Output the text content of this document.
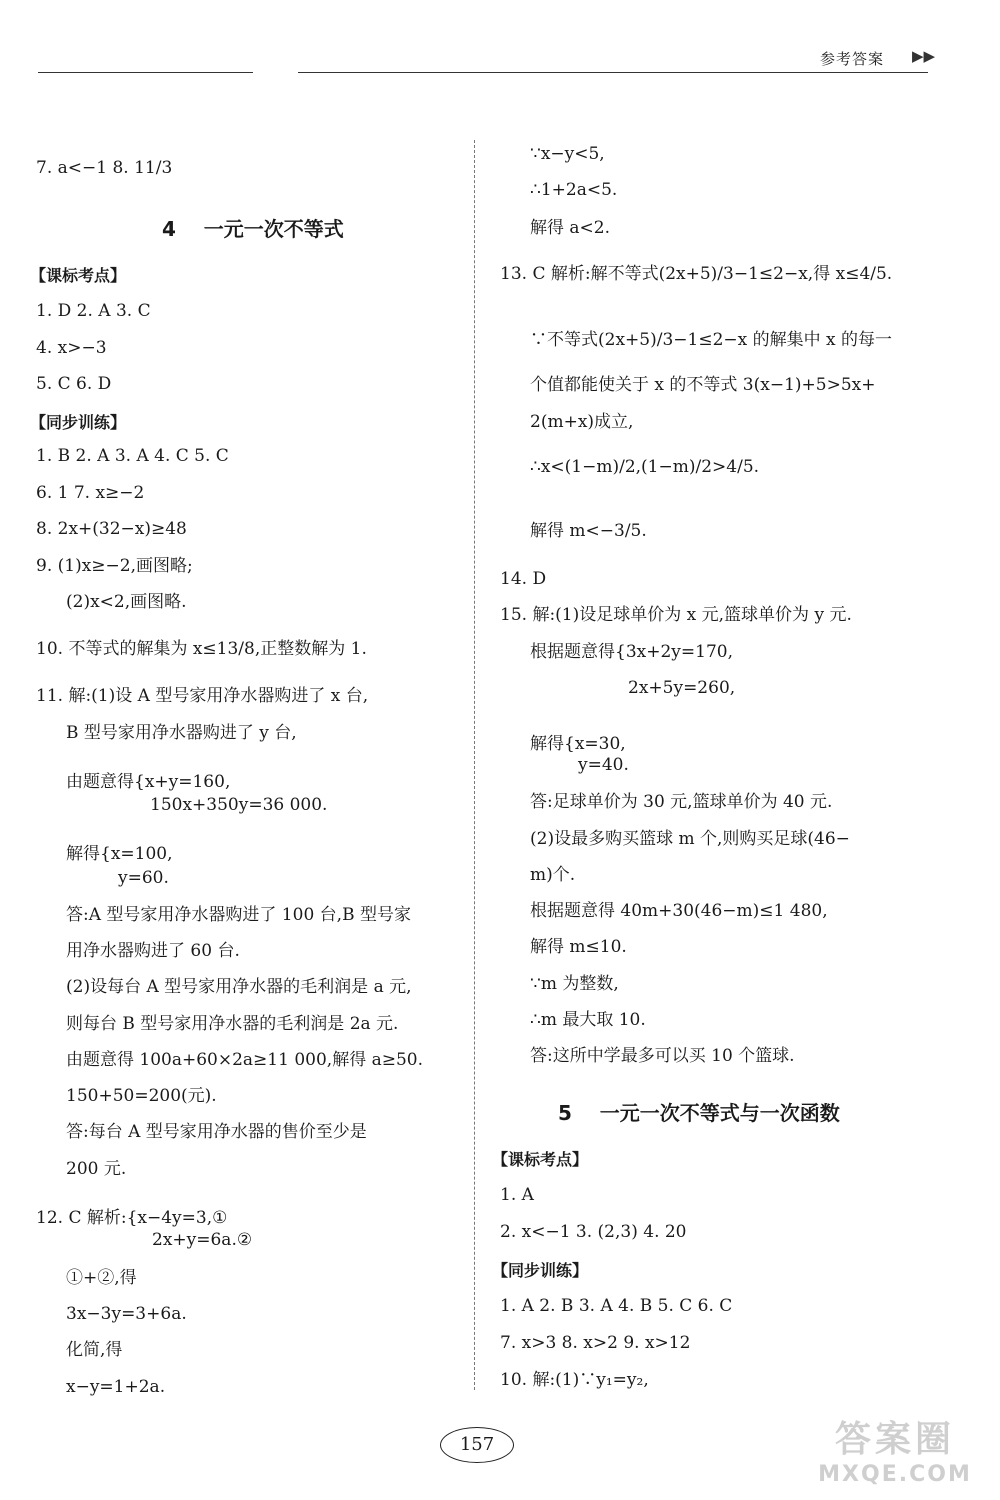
参考答案 ▶▶
7. a<−1 8. 11/3
4 一元一次不等式
【课标考点】
1. D 2. A 3. C
4. x>−3
5. C 6. D
【同步训练】
1. B 2. A 3. A 4. C 5. C
6. 1 7. x≥−2
8. 2x+(32−x)≥48
9. (1)x≥−2,画图略;
(2)x<2,画图略.
10. 不等式的解集为 x≤13/8,正整数解为 1.
11. 解:(1)设 A 型号家用净水器购进了 x 台,
B 型号家用净水器购进了 y 台,
由题意得{x+y=160,
150x+350y=36 000.
解得{x=100,
y=60.
答:A 型号家用净水器购进了 100 台,B 型号家
用净水器购进了 60 台.
(2)设每台 A 型号家用净水器的毛利润是 a 元,
则每台 B 型号家用净水器的毛利润是 2a 元.
由题意得 100a+60×2a≥11 000,解得 a≥50.
150+50=200(元).
答:每台 A 型号家用净水器的售价至少是
200 元.
12. C 解析:{x−4y=3,①
2x+y=6a.②
①+②,得
3x−3y=3+6a.
化简,得
x−y=1+2a.
∵x−y<5,
∴1+2a<5.
解得 a<2.
13. C 解析:解不等式(2x+5)/3−1≤2−x,得 x≤4/5.
∵不等式(2x+5)/3−1≤2−x 的解集中 x 的每一
个值都能使关于 x 的不等式 3(x−1)+5>5x+
2(m+x)成立,
∴x<(1−m)/2,(1−m)/2>4/5.
解得 m<−3/5.
14. D
15. 解:(1)设足球单价为 x 元,篮球单价为 y 元.
根据题意得{3x+2y=170,
2x+5y=260,
解得{x=30,
y=40.
答:足球单价为 30 元,篮球单价为 40 元.
(2)设最多购买篮球 m 个,则购买足球(46−
m)个.
根据题意得 40m+30(46−m)≤1 480,
解得 m≤10.
∵m 为整数,
∴m 最大取 10.
答:这所中学最多可以买 10 个篮球.
5 一元一次不等式与一次函数
【课标考点】
1. A
2. x<−1 3. (2,3) 4. 20
【同步训练】
1. A 2. B 3. A 4. B 5. C 6. C
7. x>3 8. x>2 9. x>12
10. 解:(1)∵y₁=y₂,
157	答案圈
MXQE.COM
